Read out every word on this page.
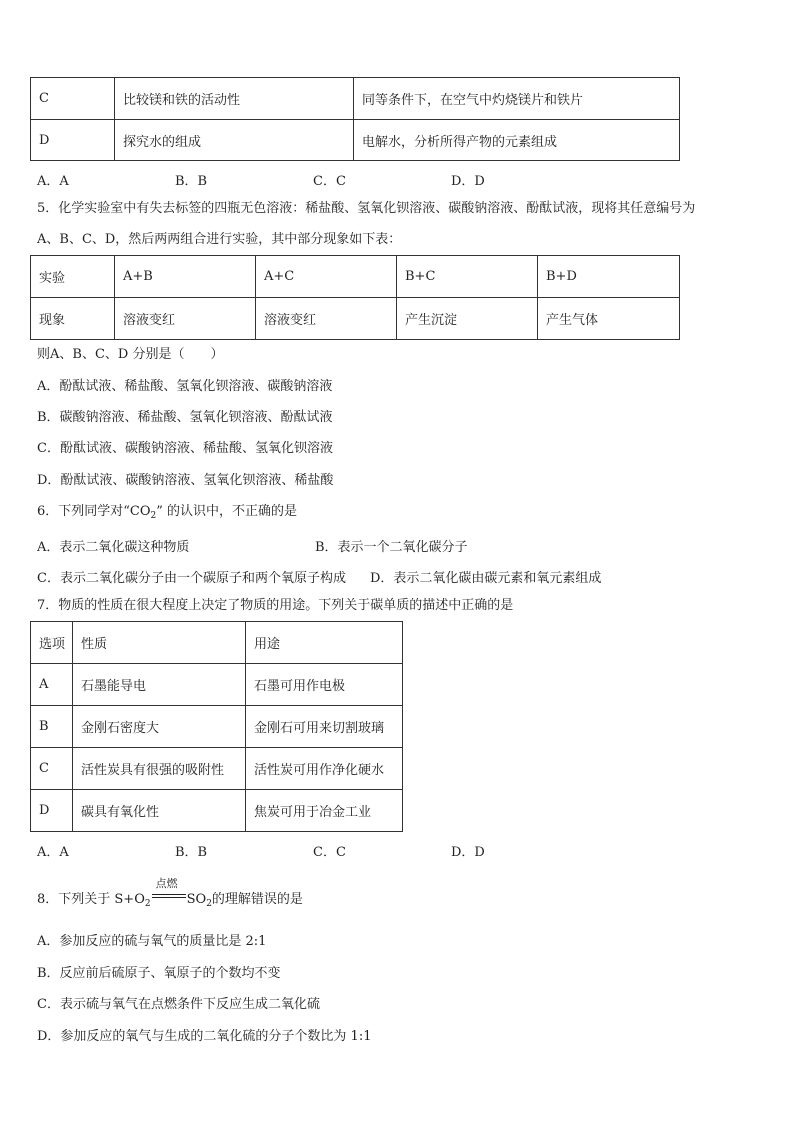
C	比较镁和铁的活动性	同等条件下，在空气中灼烧镁片和铁片
D	探究水的组成	电解水，分析所得产物的元素组成
A．A	B．B	C．C	D．D
5．化学实验室中有失去标签的四瓶无色溶液：稀盐酸、氢氧化钡溶液、碳酸钠溶液、酚酞试液，现将其任意编号为
A、B、C、D，然后两两组合进行实验，其中部分现象如下表：
实验	A+B	A+C	B+C	B+D
现象	溶液变红	溶液变红	产生沉淀	产生气体
则A、B、C、D 分别是（　　）
A．酚酞试液、稀盐酸、氢氧化钡溶液、碳酸钠溶液
B．碳酸钠溶液、稀盐酸、氢氧化钡溶液、酚酞试液
C．酚酞试液、碳酸钠溶液、稀盐酸、氢氧化钡溶液
D．酚酞试液、碳酸钠溶液、氢氧化钡溶液、稀盐酸
6．下列同学对“$CO_2$” 的认识中，不正确的是
A．表示二氧化碳这种物质	B．表示一个二氧化碳分子
C．表示二氧化碳分子由一个碳原子和两个氧原子构成 D．表示二氧化碳由碳元素和氧元素组成
7．物质的性质在很大程度上决定了物质的用途。下列关于碳单质的描述中正确的是
选项	性质	用途
A	石墨能导电	石墨可用作电极
B	金刚石密度大	金刚石可用来切割玻璃
C	活性炭具有很强的吸附性	活性炭可用作净化硬水
D	碳具有氧化性	焦炭可用于冶金工业
A．A	B．B	C．C	D．D
8．下列关于 $S+O_2$
点燃
$SO_2$的理解错误的是
A．参加反应的硫与氧气的质量比是 2:1
B．反应前后硫原子、氧原子的个数均不变
C．表示硫与氧气在点燃条件下反应生成二氧化硫
D．参加反应的氧气与生成的二氧化硫的分子个数比为 1:1
